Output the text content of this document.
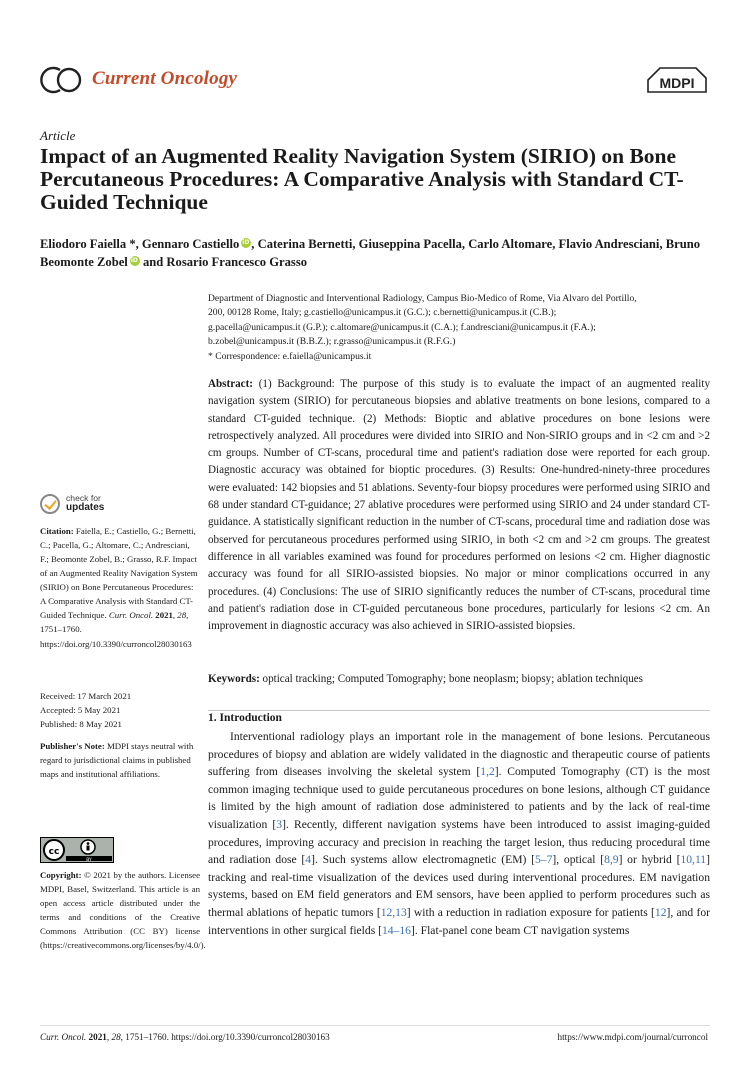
Current Oncology	MDPI
Article
Impact of an Augmented Reality Navigation System (SIRIO) on Bone Percutaneous Procedures: A Comparative Analysis with Standard CT-Guided Technique
Eliodoro Faiella *, Gennaro CastielloiD , Caterina Bernetti, Giuseppina Pacella, Carlo Altomare, Flavio Andresciani, Bruno Beomonte ZobeliD and Rosario Francesco Grasso
Department of Diagnostic and Interventional Radiology, Campus Bio-Medico of Rome, Via Alvaro del Portillo,
200, 00128 Rome, Italy; g.castiello@unicampus.it (G.C.); c.bernetti@unicampus.it (C.B.);
g.pacella@unicampus.it (G.P.); c.altomare@unicampus.it (C.A.); f.andresciani@unicampus.it (F.A.);
b.zobel@unicampus.it (B.B.Z.); r.grasso@unicampus.it (R.F.G.)
* Correspondence: e.faiella@unicampus.it
Abstract: (1) Background: The purpose of this study is to evaluate the impact of an augmented reality navigation system (SIRIO) for percutaneous biopsies and ablative treatments on bone lesions, compared to a standard CT-guided technique. (2) Methods: Bioptic and ablative procedures on bone lesions were retrospectively analyzed. All procedures were divided into SIRIO and Non-SIRIO groups and in <2 cm and >2 cm groups. Number of CT-scans, procedural time and patient's radiation dose were reported for each group. Diagnostic accuracy was obtained for bioptic procedures. (3) Results: One-hundred-ninety-three procedures were evaluated: 142 biopsies and 51 ablations. Seventy-four biopsy procedures were performed using SIRIO and 68 under standard CT-guidance; 27 ablative procedures were performed using SIRIO and 24 under standard CT-guidance. A statistically significant reduction in the number of CT-scans, procedural time and radiation dose was observed for percutaneous procedures performed using SIRIO, in both <2 cm and >2 cm groups. The greatest difference in all variables examined was found for procedures performed on lesions <2 cm. Higher diagnostic accuracy was found for all SIRIO-assisted biopsies. No major or minor complications occurred in any procedures. (4) Conclusions: The use of SIRIO significantly reduces the number of CT-scans, procedural time and patient's radiation dose in CT-guided percutaneous bone procedures, particularly for lesions <2 cm. An improvement in diagnostic accuracy was also achieved in SIRIO-assisted biopsies.
Keywords: optical tracking; Computed Tomography; bone neoplasm; biopsy; ablation techniques
1. Introduction

Interventional radiology plays an important role in the management of bone lesions. Percutaneous procedures of biopsy and ablation are widely validated in the diagnostic and therapeutic course of patients suffering from diseases involving the skeletal system [1,2]. Computed Tomography (CT) is the most common imaging technique used to guide percutaneous procedures on bone lesions, although CT guidance is limited by the high amount of radiation dose administered to patients and by the lack of real-time visualization [3]. Recently, different navigation systems have been introduced to assist imaging-guided procedures, improving accuracy and precision in reaching the target lesion, thus reducing procedural time and radiation dose [4]. Such systems allow electromagnetic (EM) [5–7], optical [8,9] or hybrid [10,11] tracking and real-time visualization of the devices used during interventional procedures. EM navigation systems, based on EM field generators and EM sensors, have been applied to perform procedures such as thermal ablations of hepatic tumors [12,13] with a reduction in radiation exposure for patients [12], and for interventions in other surgical fields [14–16]. Flat-panel cone beam CT navigation systems

check for
updates
Citation: Faiella, E.; Castiello, G.; Bernetti, C.; Pacella, G.; Altomare, C.; Andresciani, F.; Beomonte Zobel, B.; Grasso, R.F. Impact of an Augmented Reality Navigation System (SIRIO) on Bone Percutaneous Procedures: A Comparative Analysis with Standard CT-Guided Technique. Curr. Oncol. 2021, 28, 1751–1760. https://doi.org/10.3390/curroncol28030163
Received: 17 March 2021
Accepted: 5 May 2021
Published: 8 May 2021
Publisher's Note: MDPI stays neutral with regard to jurisdictional claims in published maps and institutional affiliations.
cc
BY
Copyright: © 2021 by the authors. Licensee MDPI, Basel, Switzerland. This article is an open access article distributed under the terms and conditions of the Creative Commons Attribution (CC BY) license (https://creativecommons.org/licenses/by/4.0/).
Curr. Oncol. 2021, 28, 1751–1760. https://doi.org/10.3390/curroncol28030163	https://www.mdpi.com/journal/curroncol
